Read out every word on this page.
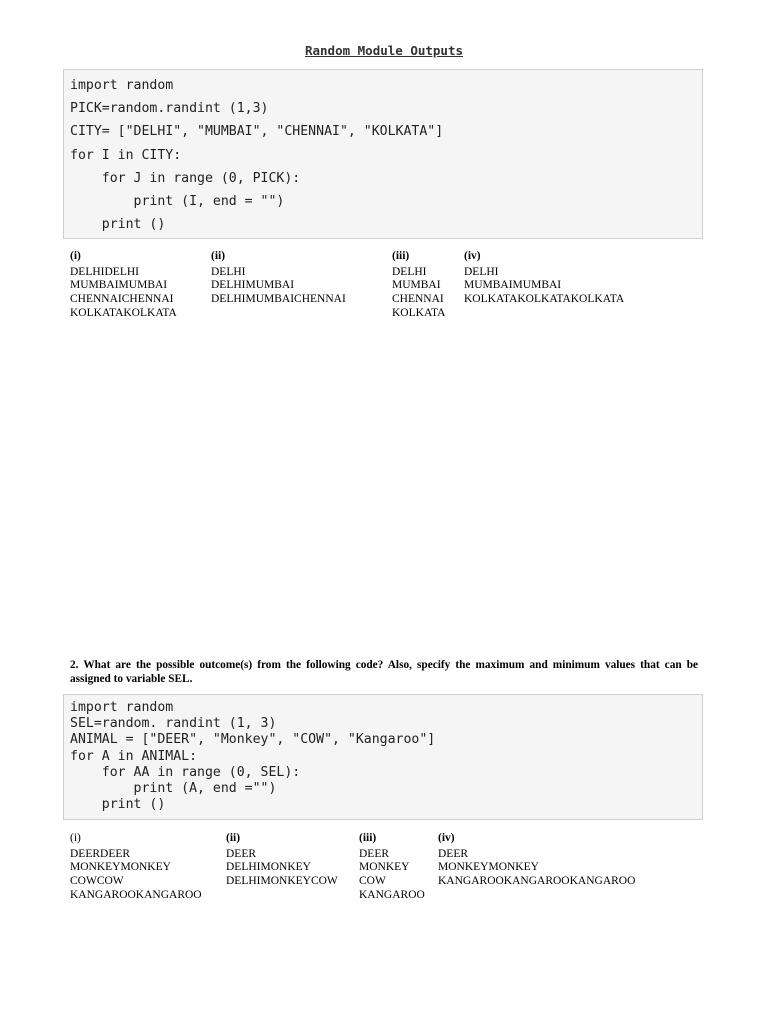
Random Module Outputs
import random
PICK=random.randint (1,3)
CITY= ["DELHI", "MUMBAI", "CHENNAI", "KOLKATA"]
for I in CITY:
for J in range (0, PICK):
print (I, end = "")
print ()
(i)
DELHIDELHI
MUMBAIMUMBAI
CHENNAICHENNAI
KOLKATAKOLKATA
(ii)
DELHI
DELHIMUMBAI
DELHIMUMBAICHENNAI
(iii)
DELHI
MUMBAI
CHENNAI
KOLKATA
(iv)
DELHI
MUMBAIMUMBAI
KOLKATAKOLKATAKOLKATA
2. What are the possible outcome(s) from the following code? Also, specify the maximum and minimum values that can be assigned to variable SEL.
import random
SEL=random. randint (1, 3)
ANIMAL = ["DEER", "Monkey", "COW", "Kangaroo"]
for A in ANIMAL:
for AA in range (0, SEL):
print (A, end ="")
print ()
(i)
DEERDEER
MONKEYMONKEY
COWCOW
KANGAROOKANGAROO
(ii)
DEER
DELHIMONKEY
DELHIMONKEYCOW
(iii)
DEER
MONKEY
COW
KANGAROO
(iv)
DEER
MONKEYMONKEY
KANGAROOKANGAROOKANGAROO
